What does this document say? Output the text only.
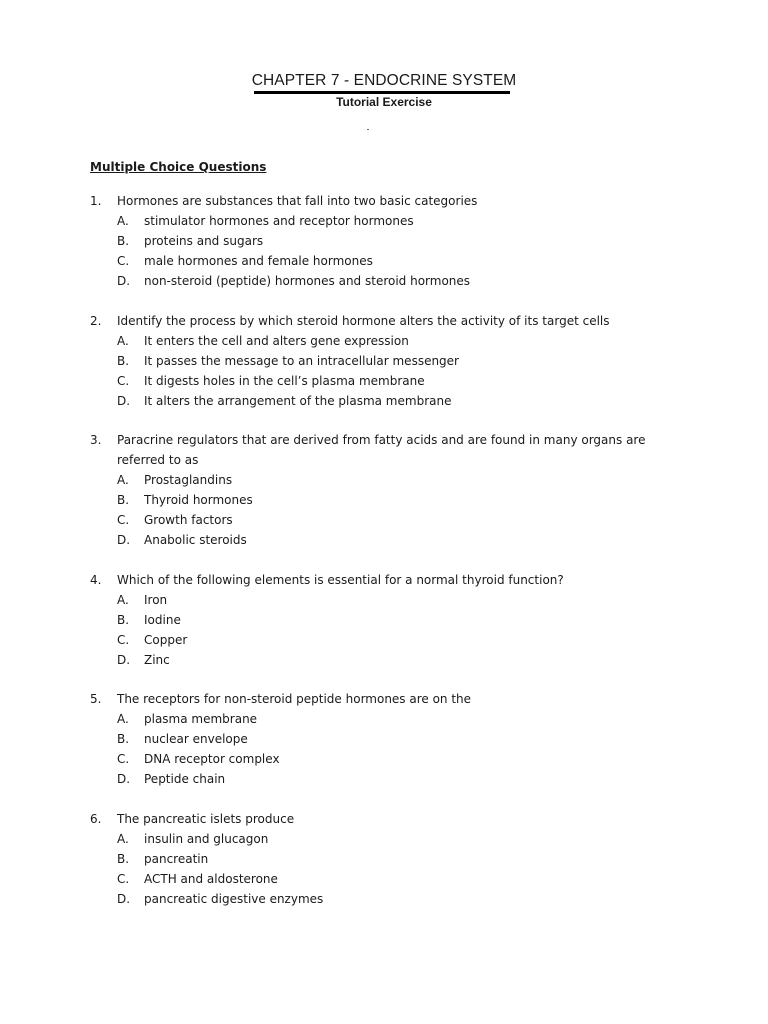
CHAPTER 7 - ENDOCRINE SYSTEM
Tutorial Exercise
Multiple Choice Questions
1. Hormones are substances that fall into two basic categories
A. stimulator hormones and receptor hormones
B. proteins and sugars
C. male hormones and female hormones
D. non-steroid (peptide) hormones and steroid hormones
2. Identify the process by which steroid hormone alters the activity of its target cells
A. It enters the cell and alters gene expression
B. It passes the message to an intracellular messenger
C. It digests holes in the cell’s plasma membrane
D. It alters the arrangement of the plasma membrane
3. Paracrine regulators that are derived from fatty acids and are found in many organs are referred to as
A. Prostaglandins
B. Thyroid hormones
C. Growth factors
D. Anabolic steroids
4. Which of the following elements is essential for a normal thyroid function?
A. Iron
B. Iodine
C. Copper
D. Zinc
5. The receptors for non-steroid peptide hormones are on the
A. plasma membrane
B. nuclear envelope
C. DNA receptor complex
D. Peptide chain
6. The pancreatic islets produce
A. insulin and glucagon
B. pancreatin
C. ACTH and aldosterone
D. pancreatic digestive enzymes
